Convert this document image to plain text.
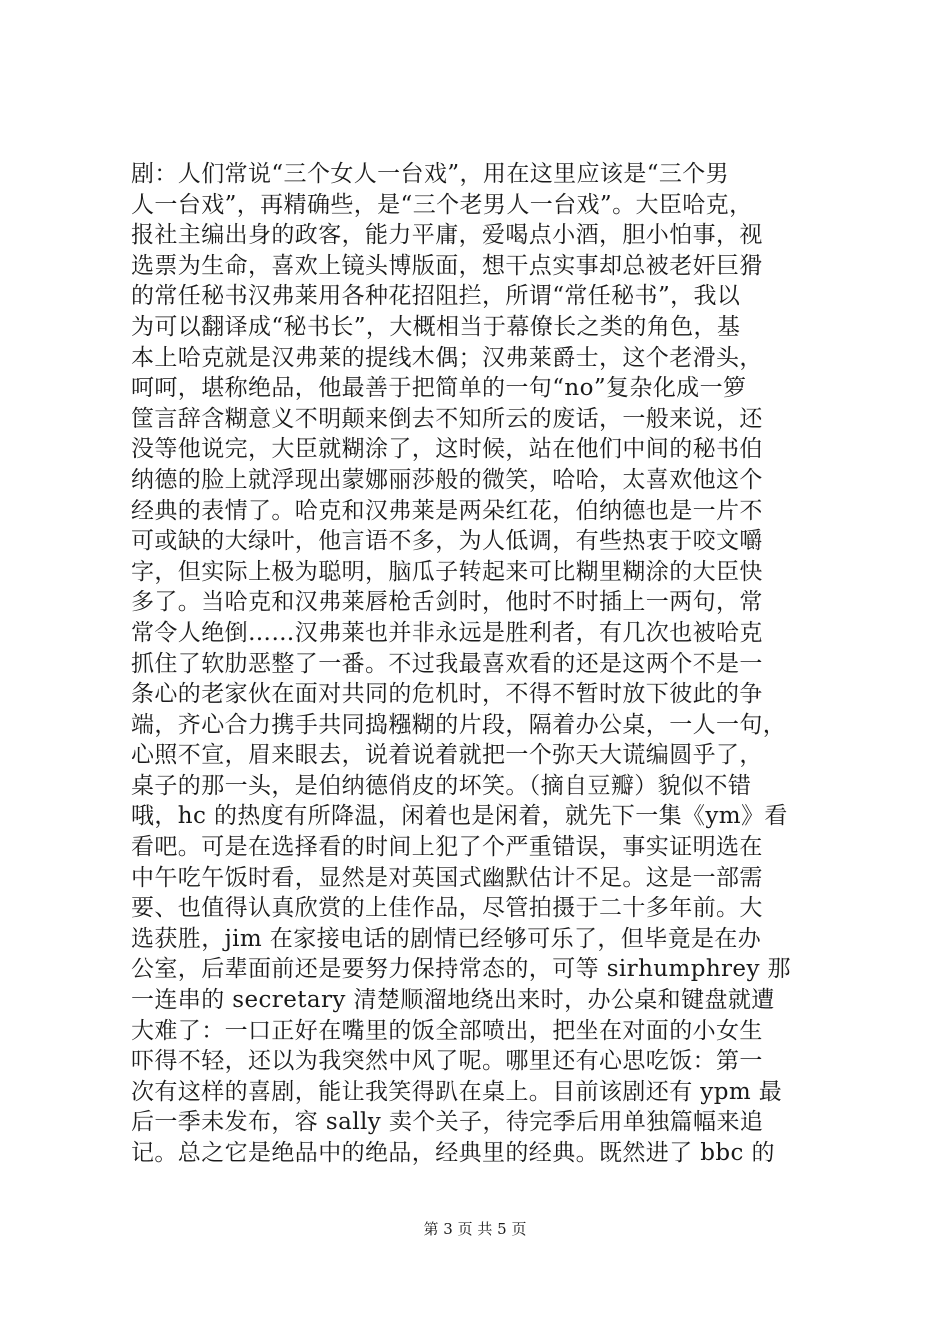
剧：人们常说“三个女人一台戏”，用在这里应该是“三个男
人一台戏”，再精确些，是“三个老男人一台戏”。大臣哈克，
报社主编出身的政客，能力平庸，爱喝点小酒，胆小怕事，视
选票为生命，喜欢上镜头博版面，想干点实事却总被老奸巨猾
的常任秘书汉弗莱用各种花招阻拦，所谓“常任秘书”，我以
为可以翻译成“秘书长”，大概相当于幕僚长之类的角色，基
本上哈克就是汉弗莱的提线木偶；汉弗莱爵士，这个老滑头，
呵呵，堪称绝品，他最善于把简单的一句“no”复杂化成一箩
筐言辞含糊意义不明颠来倒去不知所云的废话，一般来说，还
没等他说完，大臣就糊涂了，这时候，站在他们中间的秘书伯
纳德的脸上就浮现出蒙娜丽莎般的微笑，哈哈，太喜欢他这个
经典的表情了。哈克和汉弗莱是两朵红花，伯纳德也是一片不
可或缺的大绿叶，他言语不多，为人低调，有些热衷于咬文嚼
字，但实际上极为聪明，脑瓜子转起来可比糊里糊涂的大臣快
多了。当哈克和汉弗莱唇枪舌剑时，他时不时插上一两句，常
常令人绝倒……汉弗莱也并非永远是胜利者，有几次也被哈克
抓住了软肋恶整了一番。不过我最喜欢看的还是这两个不是一
条心的老家伙在面对共同的危机时，不得不暂时放下彼此的争
端，齐心合力携手共同捣糨糊的片段，隔着办公桌，一人一句，
心照不宣，眉来眼去，说着说着就把一个弥天大谎编圆乎了，
桌子的那一头，是伯纳德俏皮的坏笑。（摘自豆瓣）貌似不错
哦，hc 的热度有所降温，闲着也是闲着，就先下一集《ym》看
看吧。可是在选择看的时间上犯了个严重错误，事实证明选在
中午吃午饭时看，显然是对英国式幽默估计不足。这是一部需
要、也值得认真欣赏的上佳作品，尽管拍摄于二十多年前。大
选获胜，jim 在家接电话的剧情已经够可乐了，但毕竟是在办
公室，后辈面前还是要努力保持常态的，可等 sirhumphrey 那
一连串的 secretary 清楚顺溜地绕出来时，办公桌和键盘就遭
大难了：一口正好在嘴里的饭全部喷出，把坐在对面的小女生
吓得不轻，还以为我突然中风了呢。哪里还有心思吃饭：第一
次有这样的喜剧，能让我笑得趴在桌上。目前该剧还有 ypm 最
后一季未发布，容 sally 卖个关子，待完季后用单独篇幅来追
记。总之它是绝品中的绝品，经典里的经典。既然进了 bbc 的
第 3 页 共 5 页
